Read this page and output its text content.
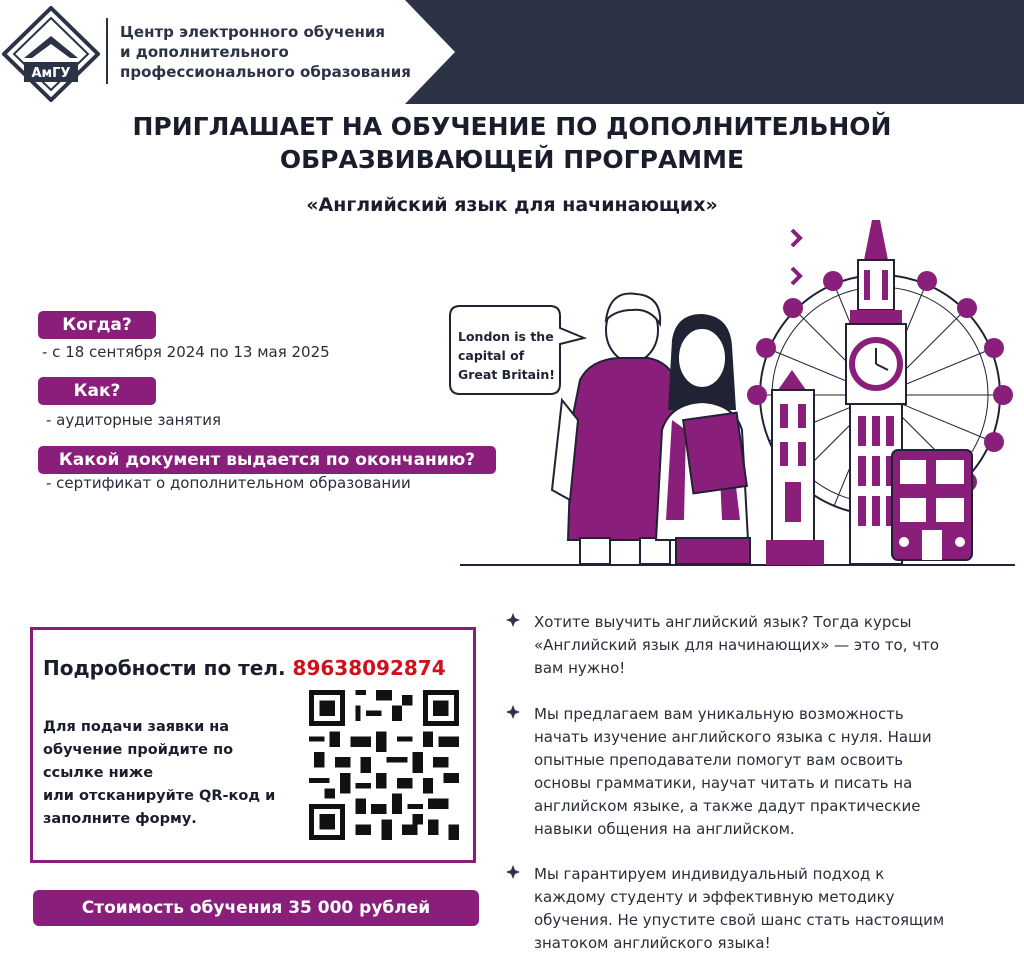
АмГУ
Центр электронного обучения
и дополнительного
профессионального образования
ПРИГЛАШАЕТ НА ОБУЧЕНИЕ ПО ДОПОЛНИТЕЛЬНОЙ
ОБРАЗВИВАЮЩЕЙ ПРОГРАММЕ
«Английский язык для начинающих»
Когда?
- с 18 сентября 2024 по 13 мая 2025
Как?
- аудиторные занятия
Какой документ выдается по окончанию?
- сертификат о дополнительном образовании
London is the
capital of
Great Britain!
Подробности по тел. 89638092874
Для подачи заявки на
обучение пройдите по
ссылке ниже
или отсканируйте QR-код и
заполните форму.
Стоимость обучения 35 000 рублей
Хотите выучить английский язык? Тогда курсы
«Английский язык для начинающих» — это то, что
вам нужно!
Мы предлагаем вам уникальную возможность
начать изучение английского языка с нуля. Наши
опытные преподаватели помогут вам освоить
основы грамматики, научат читать и писать на
английском языке, а также дадут практические
навыки общения на английском.
Мы гарантируем индивидуальный подход к
каждому студенту и эффективную методику
обучения. Не упустите свой шанс стать настоящим
знатоком английского языка!
